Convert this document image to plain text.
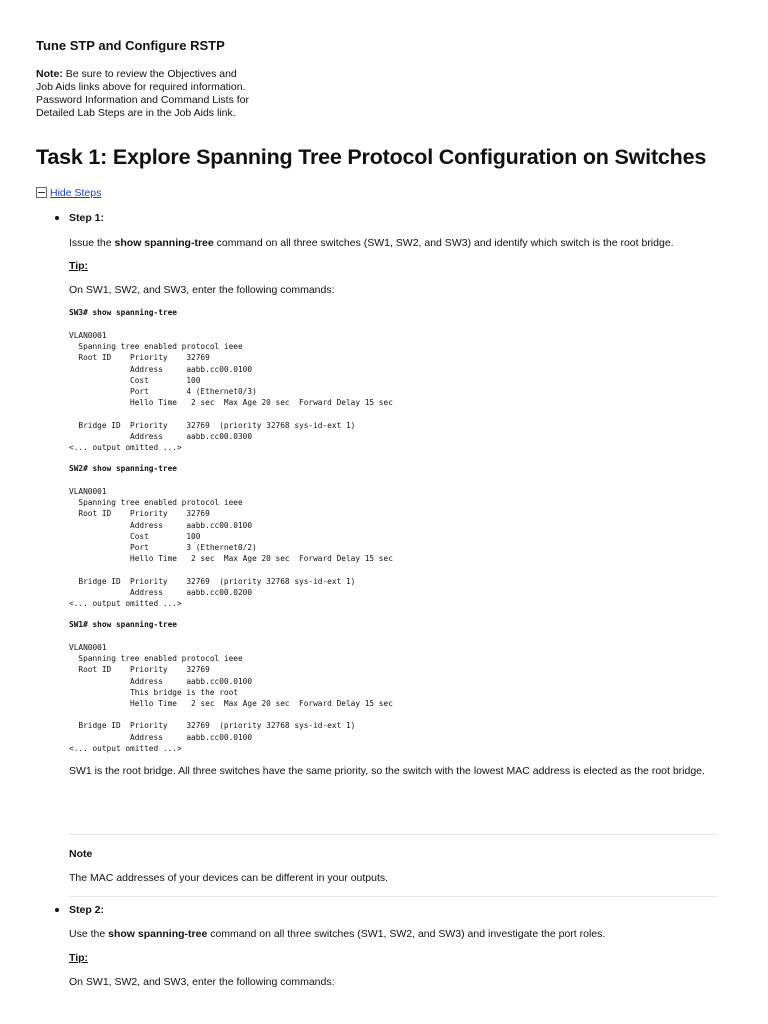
Tune STP and Configure RSTP
Note: Be sure to review the Objectives and Job Aids links above for required information. Password Information and Command Lists for Detailed Lab Steps are in the Job Aids link.
Task 1: Explore Spanning Tree Protocol Configuration on Switches
Hide Steps
Step 1:
Issue the show spanning-tree command on all three switches (SW1, SW2, and SW3) and identify which switch is the root bridge.
Tip:
On SW1, SW2, and SW3, enter the following commands:
SW3# show spanning-tree
VLAN0001
Spanning tree enabled protocol ieee
Root ID    Priority    32769
Address     aabb.cc00.0100
Cost        100
Port        4 (Ethernet0/3)
Hello Time   2 sec  Max Age 20 sec  Forward Delay 15 sec

Bridge ID  Priority    32769  (priority 32768 sys-id-ext 1)
Address     aabb.cc00.0300
<... output omitted ...>
SW2# show spanning-tree
VLAN0001
Spanning tree enabled protocol ieee
Root ID    Priority    32769
Address     aabb.cc00.0100
Cost        100
Port        3 (Ethernet0/2)
Hello Time   2 sec  Max Age 20 sec  Forward Delay 15 sec

Bridge ID  Priority    32769  (priority 32768 sys-id-ext 1)
Address     aabb.cc00.0200
<... output omitted ...>
SW1# show spanning-tree
VLAN0001
Spanning tree enabled protocol ieee
Root ID    Priority    32769
Address     aabb.cc00.0100
This bridge is the root
Hello Time   2 sec  Max Age 20 sec  Forward Delay 15 sec

Bridge ID  Priority    32769  (priority 32768 sys-id-ext 1)
Address     aabb.cc00.0100
<... output omitted ...>
SW1 is the root bridge. All three switches have the same priority, so the switch with the lowest MAC address is elected as the root bridge.
Note
The MAC addresses of your devices can be different in your outputs.
Step 2:
Use the show spanning-tree command on all three switches (SW1, SW2, and SW3) and investigate the port roles.
Tip:
On SW1, SW2, and SW3, enter the following commands:
